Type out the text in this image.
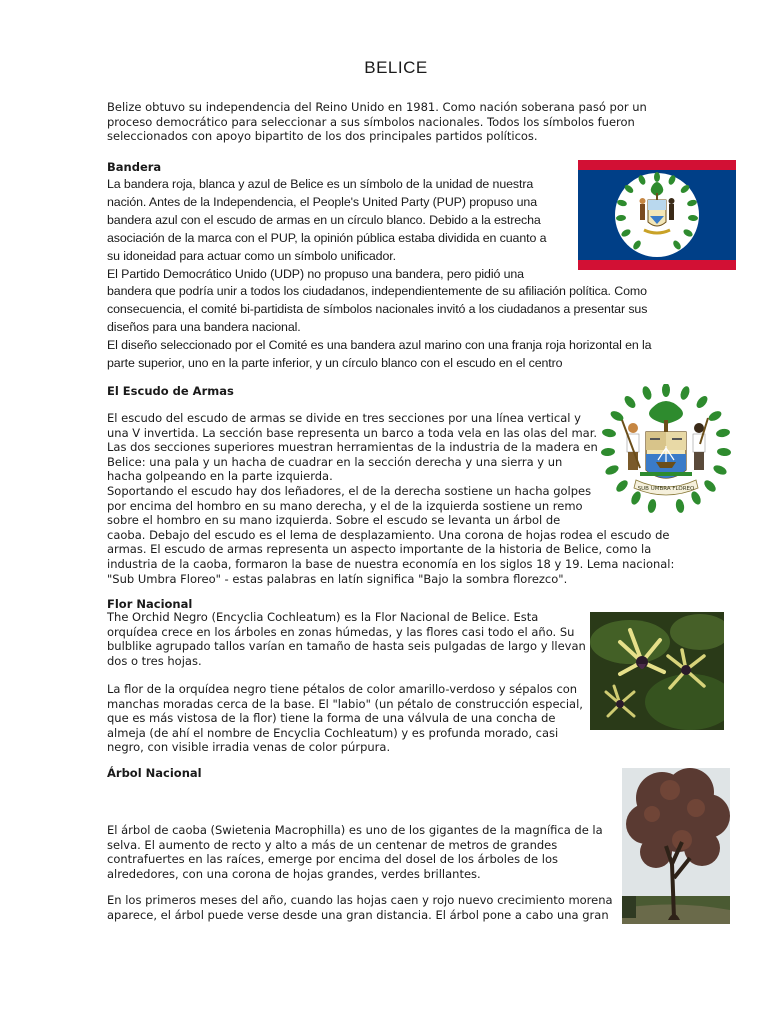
BELICE

Belize obtuvo su independencia del Reino Unido en 1981. Como nación soberana pasó por un

proceso democrático para seleccionar a sus símbolos nacionales. Todos los símbolos fueron

seleccionados con apoyo bipartito de los dos principales partidos políticos.

Bandera

La bandera roja, blanca y azul de Belice es un símbolo de la unidad de nuestra

nación. Antes de la Independencia, el People's United Party (PUP) propuso una

bandera azul con el escudo de armas en un círculo blanco. Debido a la estrecha

asociación de la marca con el PUP, la opinión pública estaba dividida en cuanto a

su idoneidad para actuar como un símbolo unificador.

El Partido Democrático Unido (UDP) no propuso una bandera, pero pidió una

bandera que podría unir a todos los ciudadanos, independientemente de su afiliación política. Como

consecuencia, el comité bi-partidista de símbolos nacionales invitó a los ciudadanos a presentar sus

diseños para una bandera nacional.

El diseño seleccionado por el Comité es una bandera azul marino con una franja roja horizontal en la

parte superior, uno en la parte inferior, y un círculo blanco con el escudo en el centro

El Escudo de Armas

El escudo del escudo de armas se divide en tres secciones por una línea vertical y

una V invertida. La sección base representa un barco a toda vela en las olas del mar.

Las dos secciones superiores muestran herramientas de la industria de la madera en

Belice: una pala y un hacha de cuadrar en la sección derecha y una sierra y un

hacha golpeando en la parte izquierda.

Soportando el escudo hay dos leñadores, el de la derecha sostiene un hacha golpes

por encima del hombro en su mano derecha, y el de la izquierda sostiene un remo

sobre el hombro en su mano izquierda. Sobre el escudo se levanta un árbol de

caoba. Debajo del escudo es el lema de desplazamiento. Una corona de hojas rodea el escudo de

armas. El escudo de armas representa un aspecto importante de la historia de Belice, como la

industria de la caoba, formaron la base de nuestra economía en los siglos 18 y 19. Lema nacional:

"Sub Umbra Floreo" - estas palabras en latín significa "Bajo la sombra florezco".

SUB UMBRA FLOREO
Flor Nacional

The Orchid Negro (Encyclia Cochleatum) es la Flor Nacional de Belice. Esta

orquídea crece en los árboles en zonas húmedas, y las flores casi todo el año. Su

bulblike agrupado tallos varían en tamaño de hasta seis pulgadas de largo y llevan

dos o tres hojas.

La flor de la orquídea negro tiene pétalos de color amarillo-verdoso y sépalos con

manchas moradas cerca de la base. El "labio" (un pétalo de construcción especial,

que es más vistosa de la flor) tiene la forma de una válvula de una concha de

almeja (de ahí el nombre de Encyclia Cochleatum) y es profunda morado, casi

negro, con visible irradia venas de color púrpura.

Árbol Nacional

El árbol de caoba (Swietenia Macrophilla) es uno de los gigantes de la magnífica de la

selva. El aumento de recto y alto a más de un centenar de metros de grandes

contrafuertes en las raíces, emerge por encima del dosel de los árboles de los

alrededores, con una corona de hojas grandes, verdes brillantes.

En los primeros meses del año, cuando las hojas caen y rojo nuevo crecimiento morena

aparece, el árbol puede verse desde una gran distancia. El árbol pone a cabo una gran
